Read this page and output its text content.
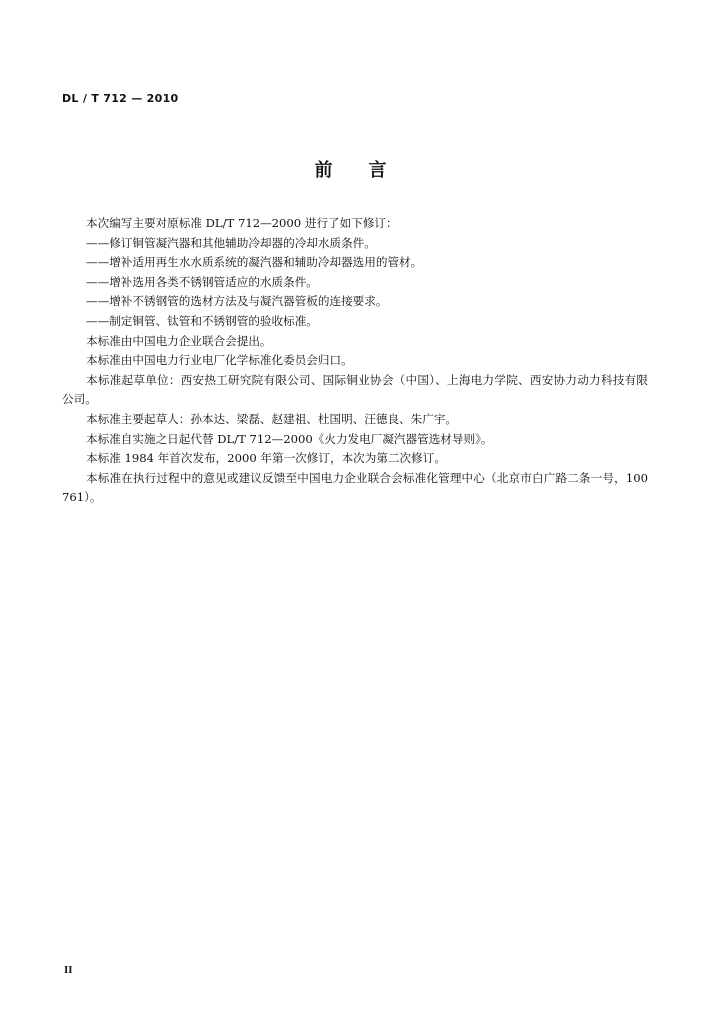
DL / T 712 — 2010
前言

本次编写主要对原标准 DL/T 712—2000 进行了如下修订：

——修订铜管凝汽器和其他辅助冷却器的冷却水质条件。

——增补适用再生水水质系统的凝汽器和辅助冷却器选用的管材。

——增补选用各类不锈钢管适应的水质条件。

——增补不锈钢管的选材方法及与凝汽器管板的连接要求。

——制定铜管、钛管和不锈钢管的验收标准。

本标准由中国电力企业联合会提出。

本标准由中国电力行业电厂化学标准化委员会归口。

本标准起草单位：西安热工研究院有限公司、国际铜业协会（中国）、上海电力学院、西安协力动力科技有限公司。

本标准主要起草人：孙本达、梁磊、赵建祖、杜国明、汪德良、朱广宇。

本标准自实施之日起代替 DL/T 712—2000《火力发电厂凝汽器管选材导则》。

本标准 1984 年首次发布，2000 年第一次修订，本次为第二次修订。

本标准在执行过程中的意见或建议反馈至中国电力企业联合会标准化管理中心（北京市白广路二条一号，100761）。

II
